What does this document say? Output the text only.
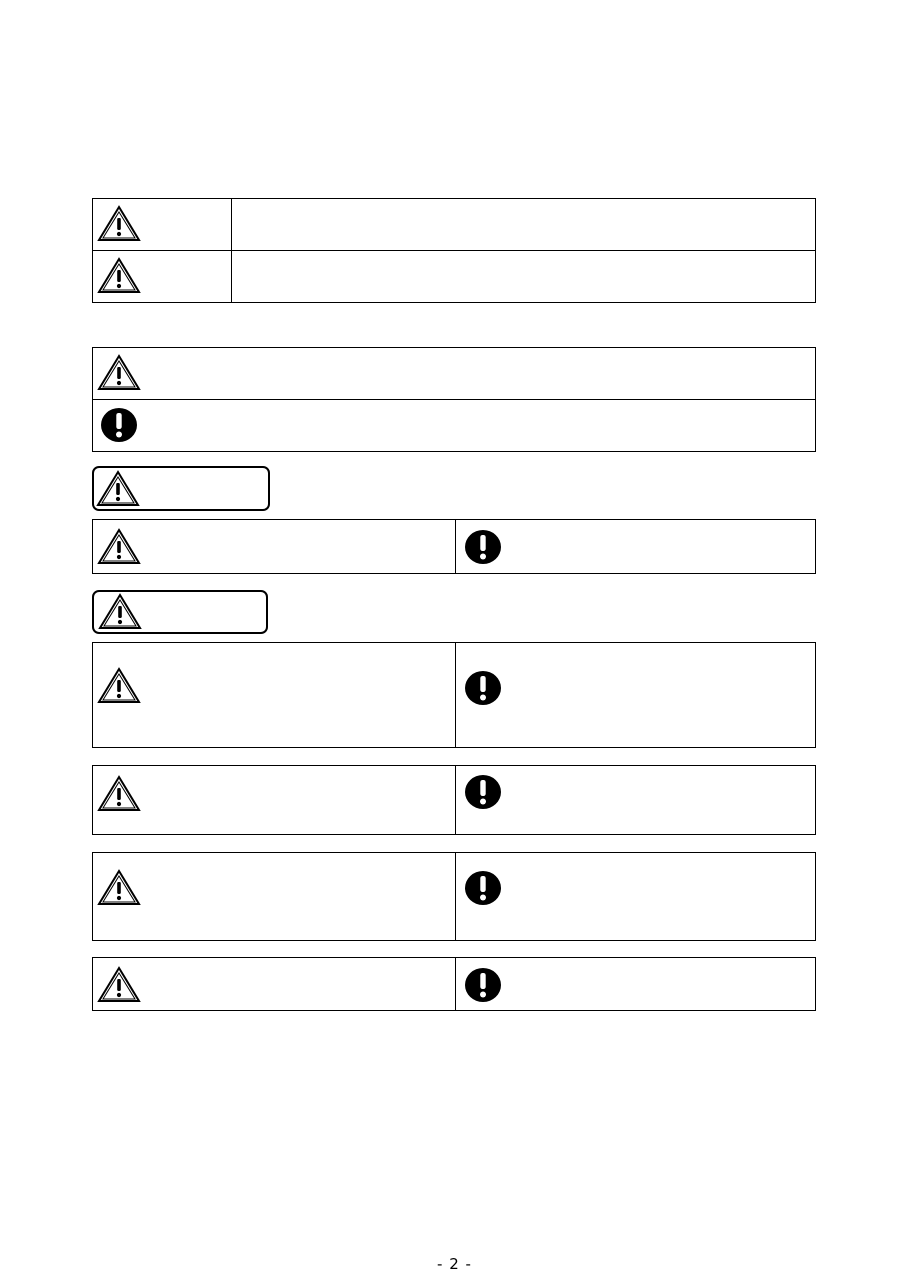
- 2 -
